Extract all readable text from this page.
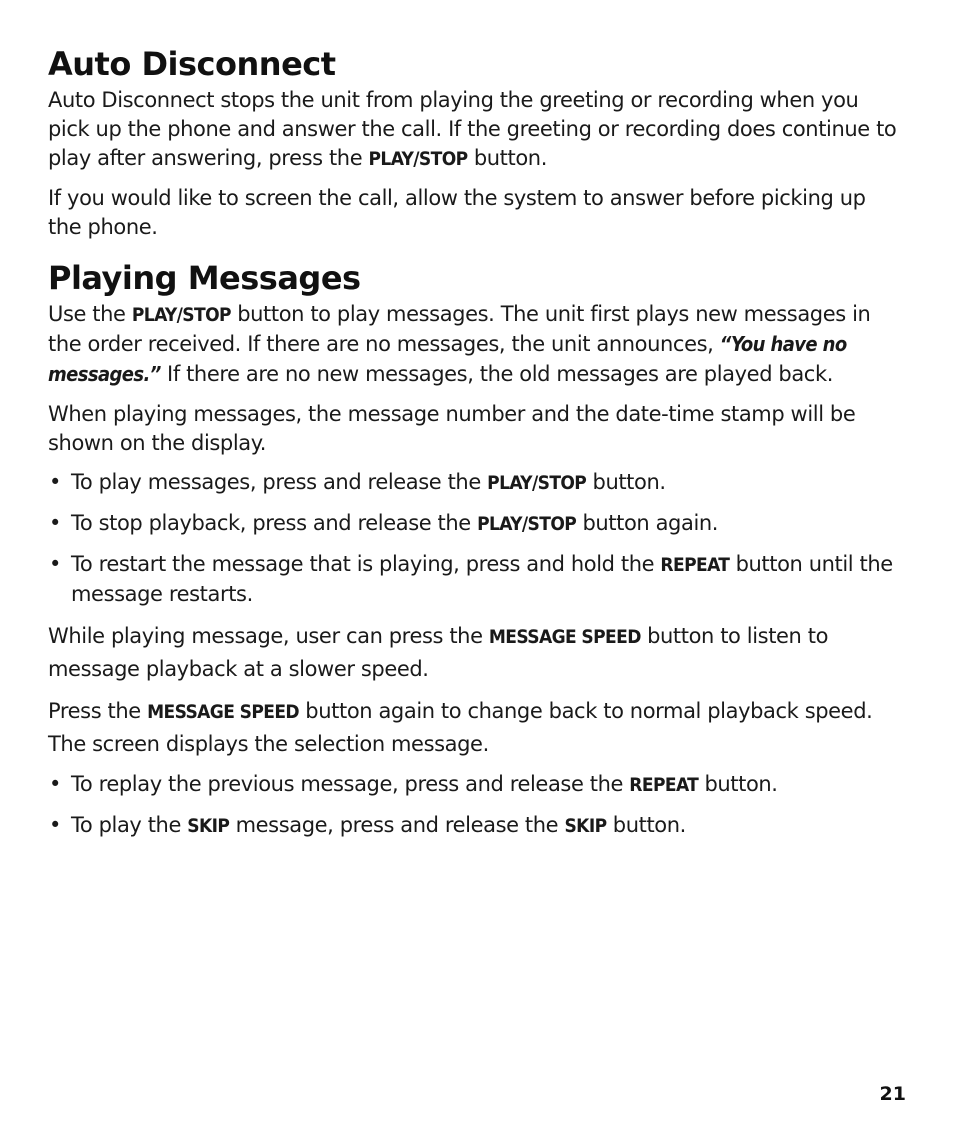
Auto Disconnect

Auto Disconnect stops the unit from playing the greeting or recording when you pick up the phone and answer the call. If the greeting or recording does continue to play after answering, press the PLAY/STOP button.

If you would like to screen the call, allow the system to answer before picking up the phone.

Playing Messages

Use the PLAY/STOP button to play messages. The unit first plays new messages in the order received. If there are no messages, the unit announces, “You have no messages.” If there are no new messages, the old messages are played back.

When playing messages, the message number and the date-time stamp will be shown on the display.

• To play messages, press and release the PLAY/STOP button.
• To stop playback, press and release the PLAY/STOP button again.
• To restart the message that is playing, press and hold the REPEAT button until the message restarts.

While playing message, user can press the MESSAGE SPEED button to listen to message playback at a slower speed.

Press the MESSAGE SPEED button again to change back to normal playback speed. The screen displays the selection message.

• To replay the previous message, press and release the REPEAT button.
• To play the SKIP message, press and release the SKIP button.
21
